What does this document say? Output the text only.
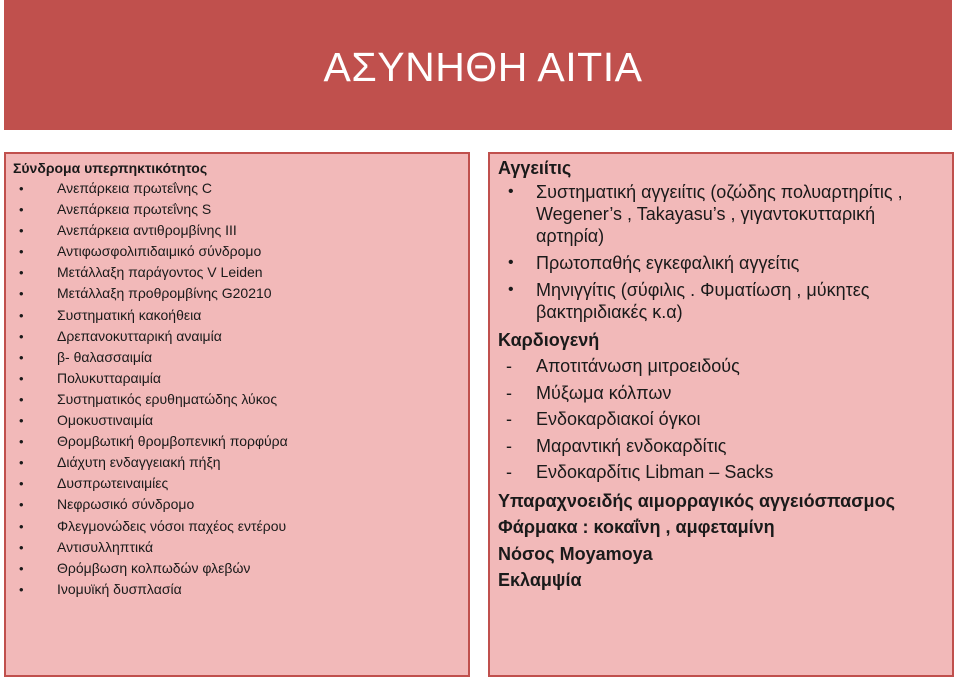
ΑΣΥΝΗΘΗ ΑΙΤΙΑ

Σύνδρομα υπερπηκτικότητος

• Ανεπάρκεια πρωτεΐνης C
• Ανεπάρκεια πρωτεΐνης S
• Ανεπάρκεια αντιθρομβίνης ΙΙΙ
• Αντιφωσφολιπιδαιμικό σύνδρομο
• Μετάλλαξη παράγοντος V Leiden
• Μετάλλαξη προθρομβίνης G20210
• Συστηματική κακοήθεια
• Δρεπανοκυτταρική αναιμία
• β- θαλασσαιμία
• Πολυκυτταραιμία
• Συστηματικός ερυθηματώδης λύκος
• Ομοκυστιναιμία
• Θρομβωτική θρομβοπενική πορφύρα
• Διάχυτη ενδαγγειακή πήξη
• Δυσπρωτειναιμίες
• Νεφρωσικό σύνδρομο
• Φλεγμονώδεις νόσοι παχέος εντέρου
• Αντισυλληπτικά
• Θρόμβωση κολπωδών φλεβών
• Ινομυϊκή δυσπλασία

Αγγειίτις

• Συστηματική αγγειίτις (οζώδης πολυαρτηρίτις , Wegener’s , Takayasu’s , γιγαντοκυτταρική αρτηρία)
• Πρωτοπαθής εγκεφαλική αγγείτις
• Μηνιγγίτις (σύφιλις . Φυματίωση , μύκητες βακτηριδιακές κ.α)

Καρδιογενή

- Αποτιτάνωση μιτροειδούς
- Μύξωμα κόλπων
- Ενδοκαρδιακοί όγκοι
- Μαραντική ενδοκαρδίτις
- Ενδοκαρδίτις Libman – Sacks

Υπαραχνοειδής αιμορραγικός αγγειόσπασμος

Φάρμακα : κοκαΐνη , αμφεταμίνη

Νόσος Moyamoya

Εκλαμψία
